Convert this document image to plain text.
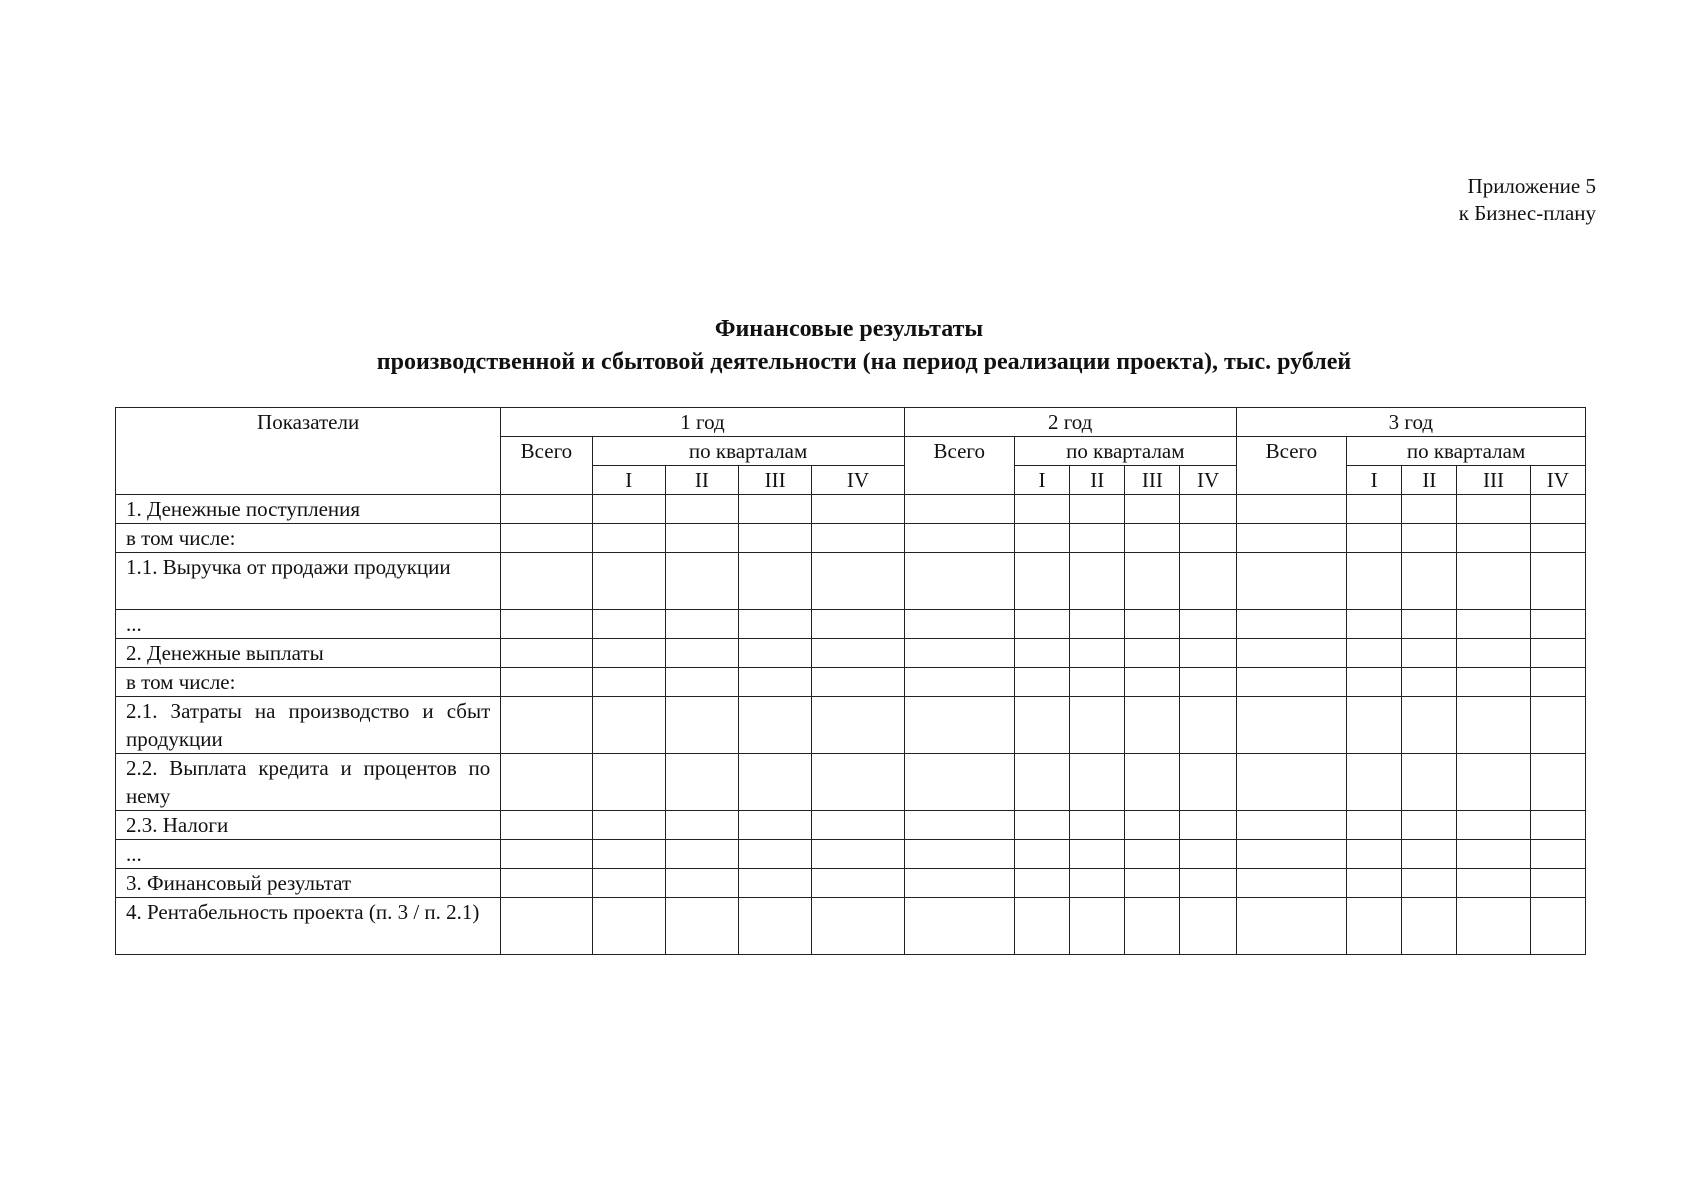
Приложение 5
к Бизнес-плану
Финансовые результаты
производственной и сбытовой деятельности (на период реализации проекта), тыс. рублей
Показатели	1 год					2 год					3 год				
	Всего	по кварталам				Всего	по кварталам				Всего	по кварталам			
		I	II	III	IV		I	II	III	IV		I	II	III	IV
1. Денежные поступления															
в том числе:															
1.1. Выручка от продажи продукции															
...															
2. Денежные выплаты															
в том числе:															
2.1. Затраты на производство и сбыт продукции															
2.2. Выплата кредита и процентов по нему															
2.3. Налоги															
...															
3. Финансовый результат															
4. Рентабельность проекта (п. 3 / п. 2.1)															
